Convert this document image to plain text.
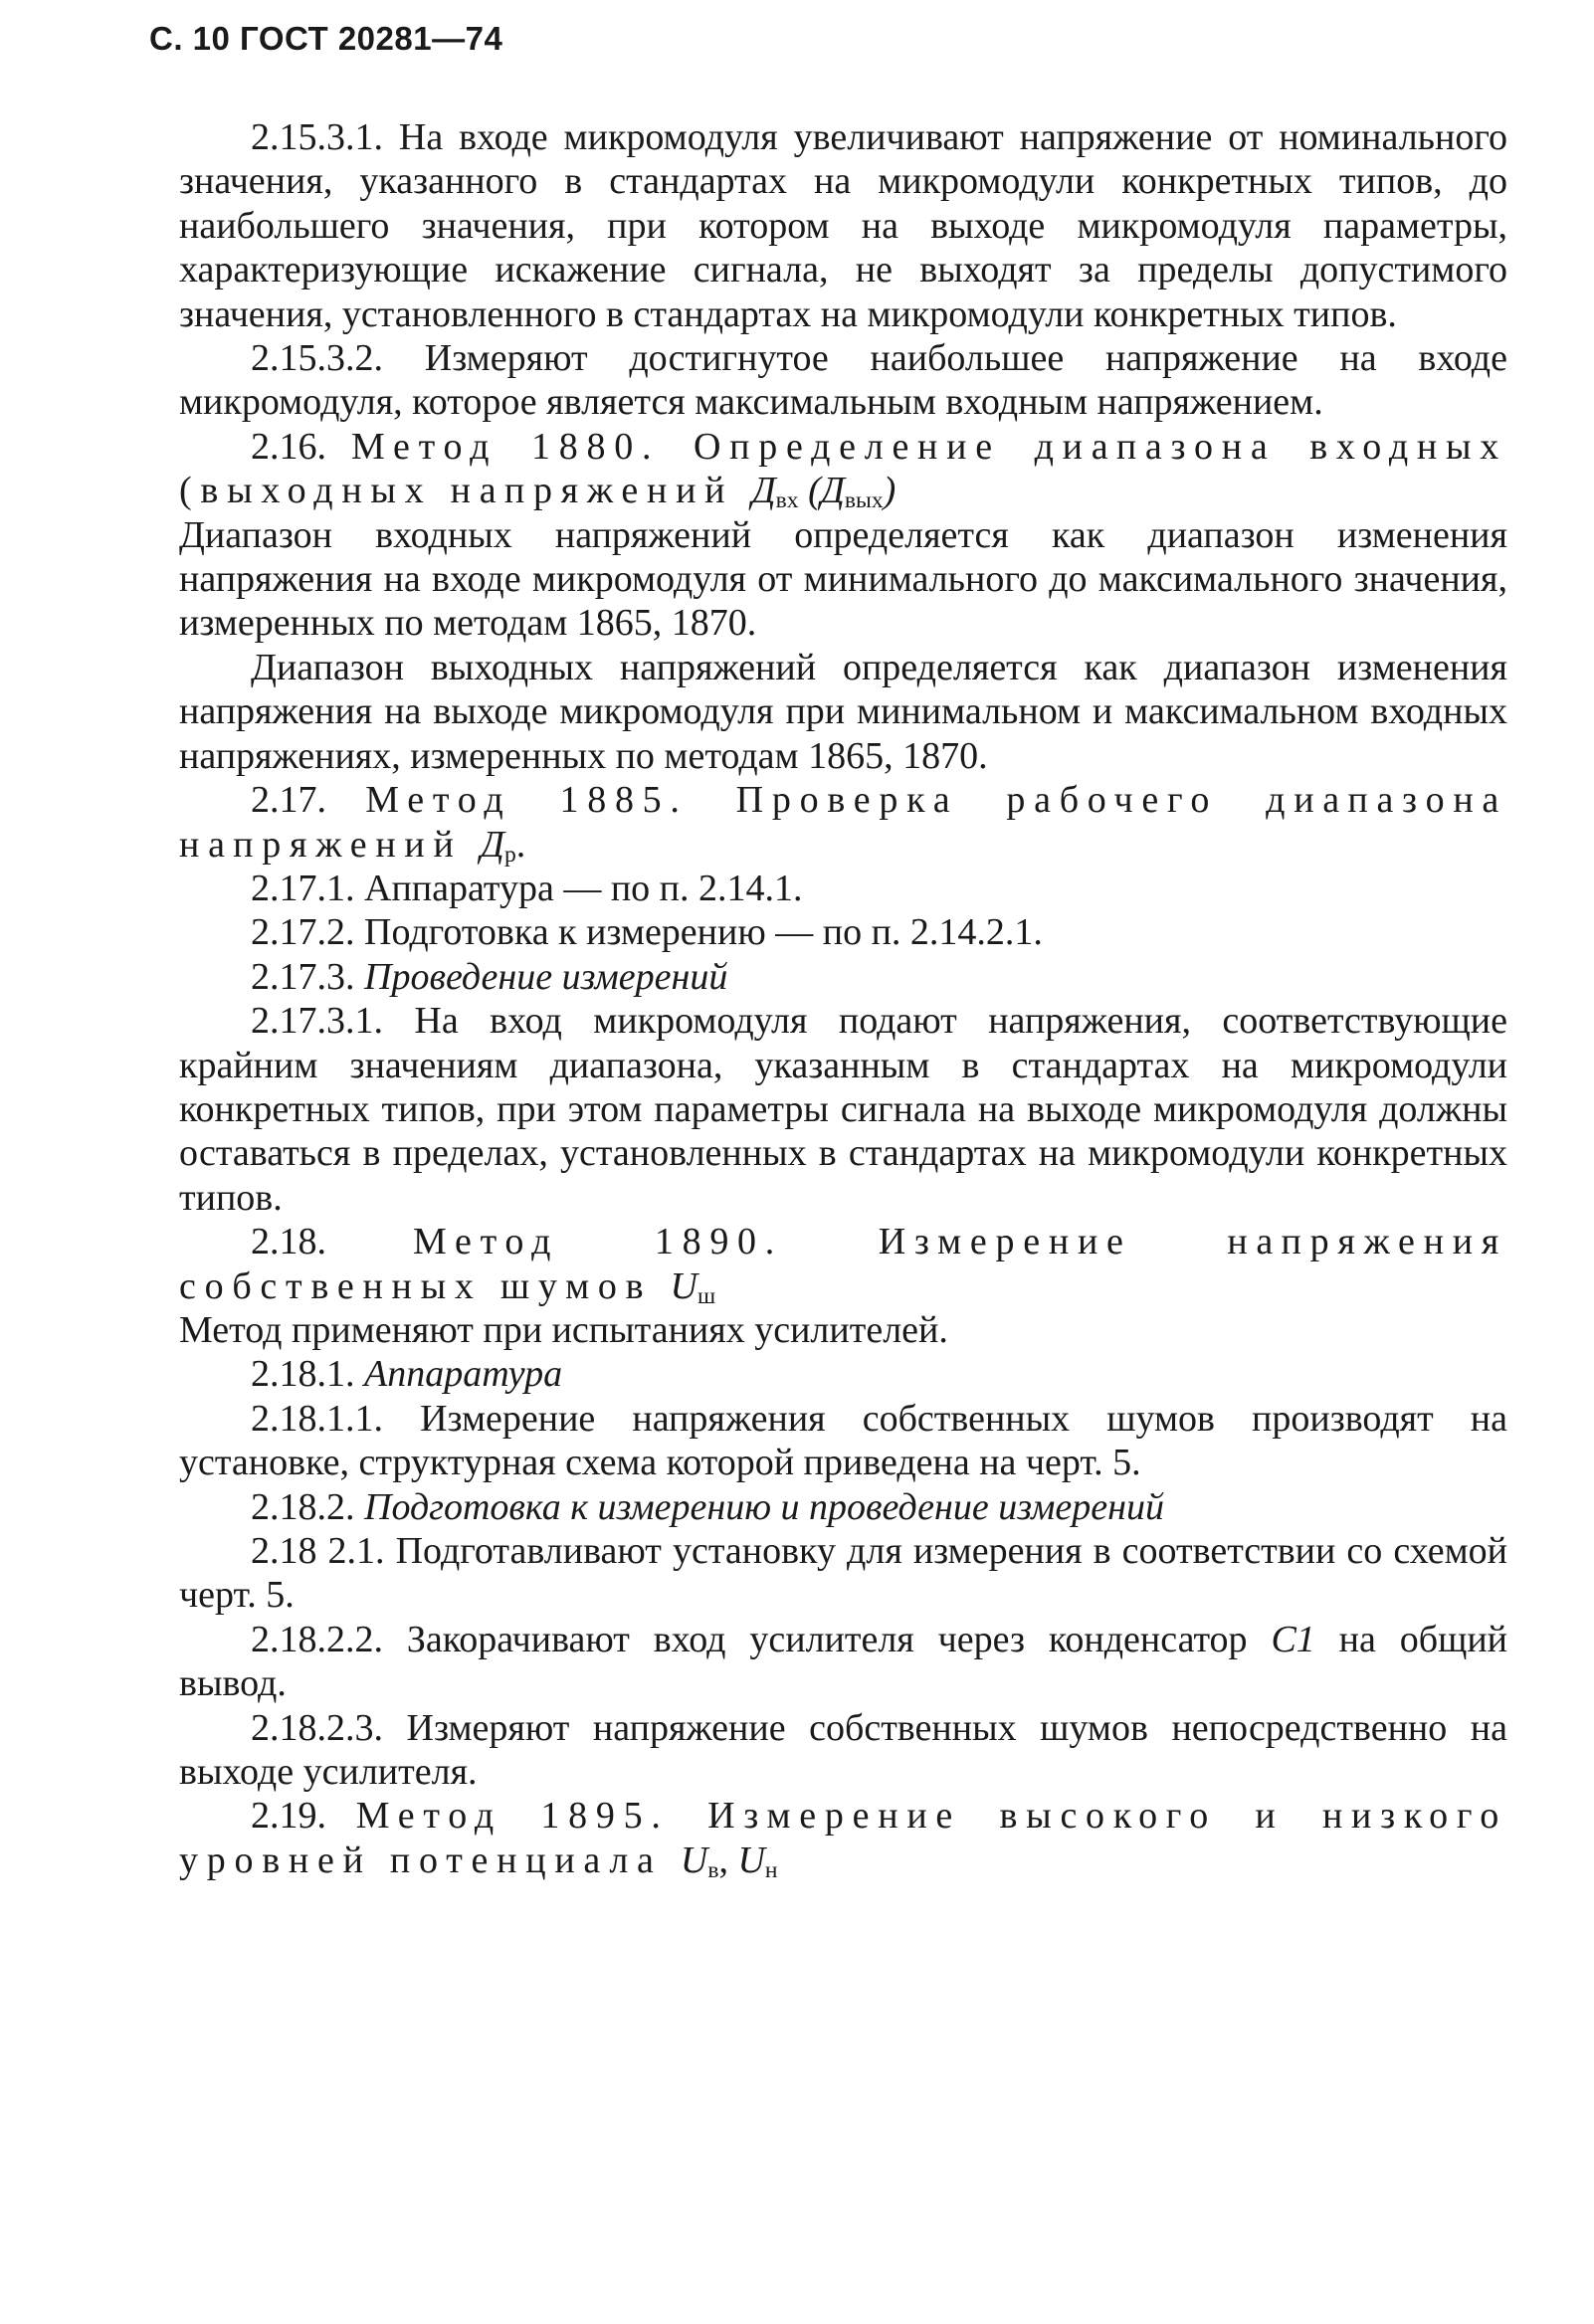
С. 10 ГОСТ 20281—74

2.15.3.1. На входе микромодуля увеличивают напряжение от номинального значения, указанного в стандартах на микромодули конкретных типов, до наибольшего значения, при котором на выходе микромодуля параметры, характеризующие искажение сигнала, не выходят за пределы допустимого значения, установленного в стандартах на микромодули конкретных типов.

2.15.3.2. Измеряют достигнутое наибольшее напряжение на входе микромодуля, которое является максимальным входным напряжением.

2.16. Метод 1880. Определение диапазона входных (выходных напряжений $Д_{вх}$ $(Д_{вых})$

Диапазон входных напряжений определяется как диапазон изменения напряжения на входе микромодуля от минимального до максимального значения, измеренных по методам 1865, 1870.

Диапазон выходных напряжений определяется как диапазон изменения напряжения на выходе микромодуля при минимальном и максимальном входных напряжениях, измеренных по методам 1865, 1870.

2.17. Метод 1885. Проверка рабочего диапазона напряжений $Д_р$.

2.17.1. Аппаратура — по п. 2.14.1.

2.17.2. Подготовка к измерению — по п. 2.14.2.1.

2.17.3. Проведение измерений

2.17.3.1. На вход микромодуля подают напряжения, соответствующие крайним значениям диапазона, указанным в стандартах на микромодули конкретных типов, при этом параметры сигнала на выходе микромодуля должны оставаться в пределах, установленных в стандартах на микромодули конкретных типов.

2.18. Метод 1890. Измерение напряжения собственных шумов $U_ш$

Метод применяют при испытаниях усилителей.

2.18.1. Аппаратура

2.18.1.1. Измерение напряжения собственных шумов производят на установке, структурная схема которой приведена на черт. 5.

2.18.2. Подготовка к измерению и проведение измерений

2.18 2.1. Подготавливают установку для измерения в соответствии со схемой черт. 5.

2.18.2.2. Закорачивают вход усилителя через конденсатор C1 на общий вывод.

2.18.2.3. Измеряют напряжение собственных шумов непосредственно на выходе усилителя.

2.19. Метод 1895. Измерение высокого и низкого уровней потенциала $U_в$, $U_н$
